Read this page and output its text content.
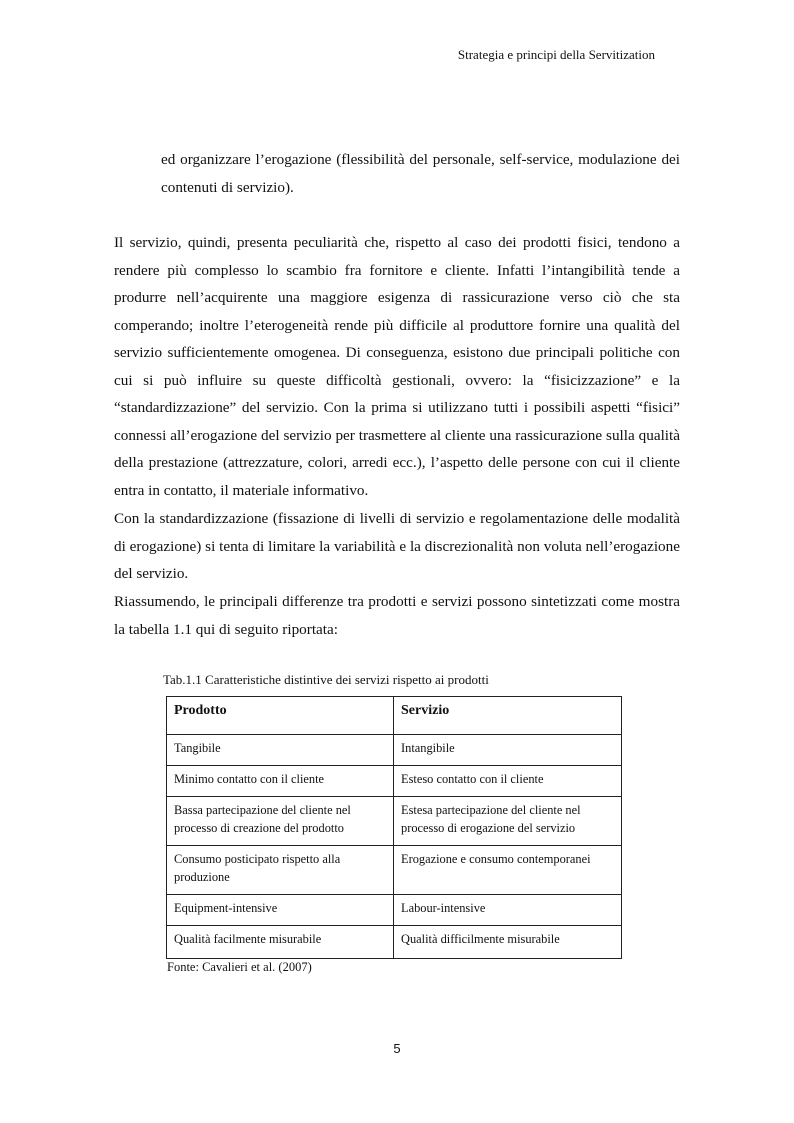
Strategia e principi della Servitization

ed organizzare l’erogazione (flessibilità del personale, self-service, modulazione dei contenuti di servizio).

Il servizio, quindi, presenta peculiarità che, rispetto al caso dei prodotti fisici, tendono a rendere più complesso lo scambio fra fornitore e cliente. Infatti l’intangibilità tende a produrre nell’acquirente una maggiore esigenza di rassicurazione verso ciò che sta comperando; inoltre l’eterogeneità rende più difficile al produttore fornire una qualità del servizio sufficientemente omogenea. Di conseguenza, esistono due principali politiche con cui si può influire su queste difficoltà gestionali, ovvero: la “fisicizzazione” e la “standardizzazione” del servizio. Con la prima si utilizzano tutti i possibili aspetti “fisici” connessi all’erogazione del servizio per trasmettere al cliente una rassicurazione sulla qualità della prestazione (attrezzature, colori, arredi ecc.), l’aspetto delle persone con cui il cliente entra in contatto, il materiale informativo.

Con la standardizzazione (fissazione di livelli di servizio e regolamentazione delle modalità di erogazione) si tenta di limitare la variabilità e la discrezionalità non voluta nell’erogazione del servizio.

Riassumendo, le principali differenze tra prodotti e servizi possono sintetizzati come mostra la tabella 1.1 qui di seguito riportata:

Tab.1.1 Caratteristiche distintive dei servizi rispetto ai prodotti
Prodotto	Servizio
Tangibile	Intangibile
Minimo contatto con il cliente	Esteso contatto con il cliente
Bassa partecipazione del cliente nel processo di creazione del prodotto	Estesa partecipazione del cliente nel processo di erogazione del servizio
Consumo posticipato rispetto alla produzione	Erogazione e consumo contemporanei
Equipment-intensive	Labour-intensive
Qualità facilmente misurabile	Qualità difficilmente misurabile
Fonte: Cavalieri et al. (2007)
5
